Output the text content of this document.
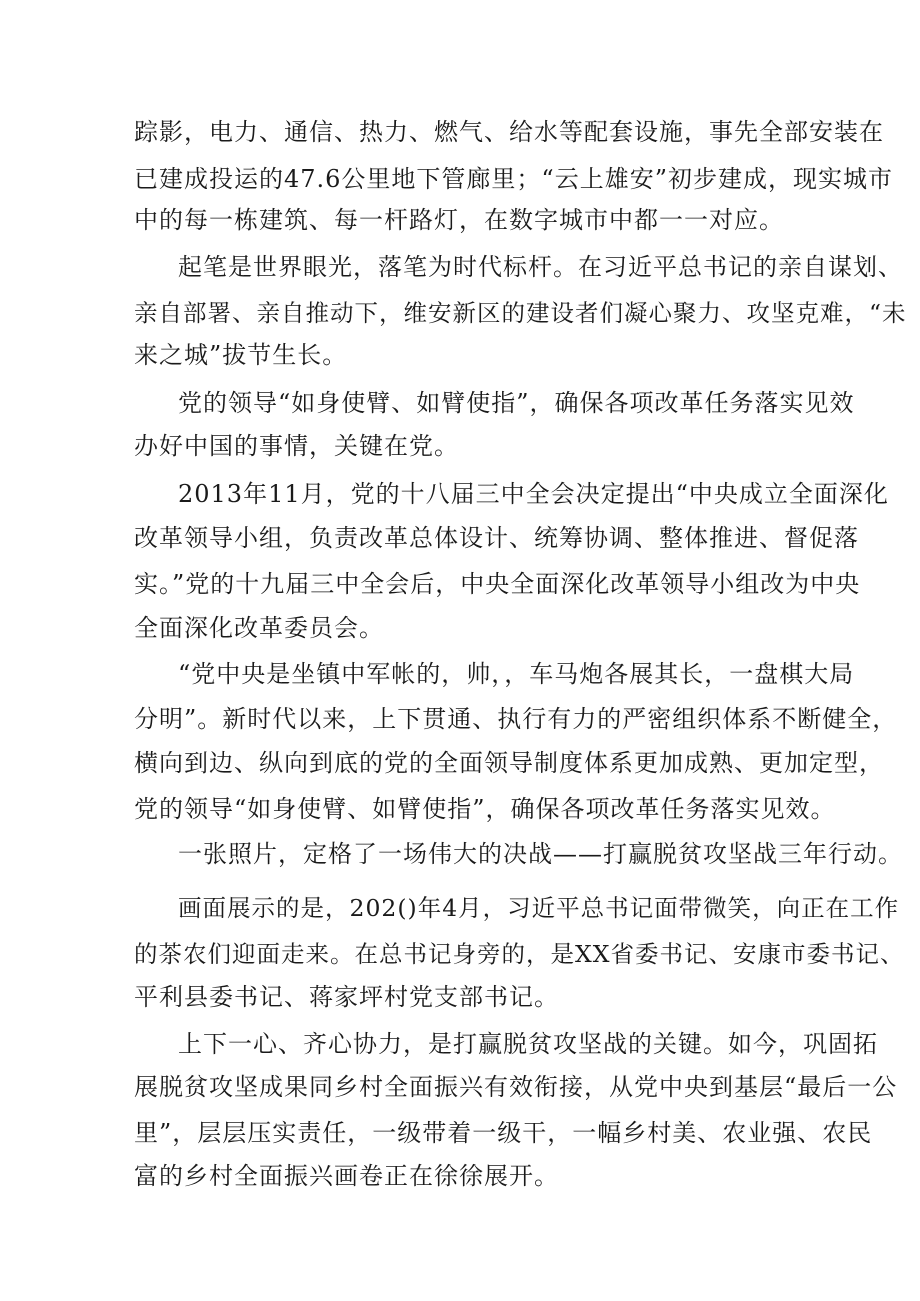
踪影，电力、通信、热力、燃气、给水等配套设施，事先全部安装在
已建成投运的47.6公里地下管廊里；“云上雄安”初步建成，现实城市
中的每一栋建筑、每一杆路灯，在数字城市中都一一对应。
起笔是世界眼光，落笔为时代标杆。在习近平总书记的亲自谋划、
亲自部署、亲自推动下，维安新区的建设者们凝心聚力、攻坚克难，“未
来之城”拔节生长。
党的领导“如身使臂、如臂使指”，确保各项改革任务落实见效
办好中国的事情，关键在党。
2013年11月，党的十八届三中全会决定提出“中央成立全面深化
改革领导小组，负责改革总体设计、统筹协调、整体推进、督促落
实。”党的十九届三中全会后，中央全面深化改革领导小组改为中央
全面深化改革委员会。
“党中央是坐镇中军帐的，帅，，车马炮各展其长，一盘棋大局
分明”。新时代以来，上下贯通、执行有力的严密组织体系不断健全，
横向到边、纵向到底的党的全面领导制度体系更加成熟、更加定型，
党的领导“如身使臂、如臂使指”，确保各项改革任务落实见效。
一张照片，定格了一场伟大的决战——打赢脱贫攻坚战三年行动。
画面展示的是，202()年4月，习近平总书记面带微笑，向正在工作
的茶农们迎面走来。在总书记身旁的，是XX省委书记、安康市委书记、
平利县委书记、蒋家坪村党支部书记。
上下一心、齐心协力，是打赢脱贫攻坚战的关键。如今，巩固拓
展脱贫攻坚成果同乡村全面振兴有效衔接，从党中央到基层“最后一公
里”，层层压实责任，一级带着一级干，一幅乡村美、农业强、农民
富的乡村全面振兴画卷正在徐徐展开。
